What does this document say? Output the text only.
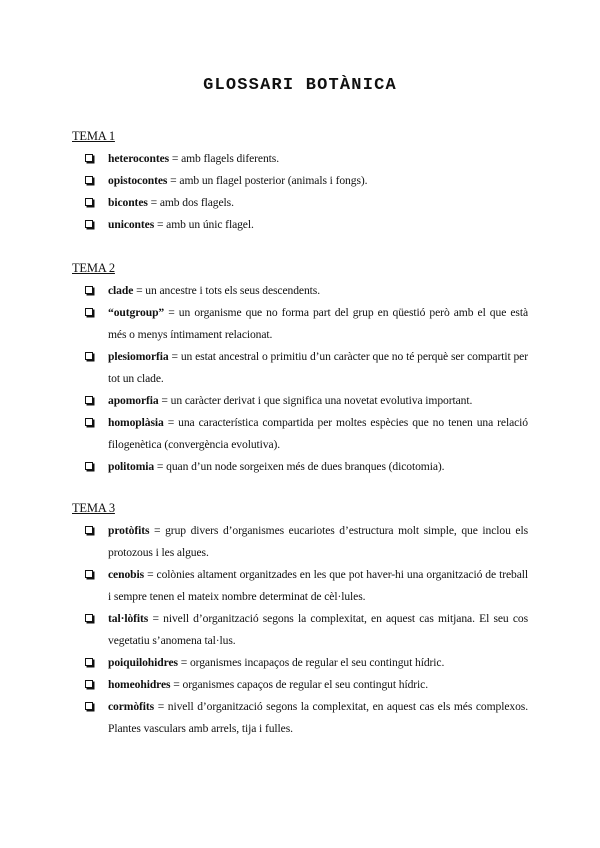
GLOSSARI BOTÀNICA
TEMA 1
heterocontes = amb flagels diferents.
opistocontes = amb un flagel posterior (animals i fongs).
bicontes = amb dos flagels.
unicontes = amb un únic flagel.
TEMA 2
clade = un ancestre i tots els seus descendents.
“outgroup” = un organisme que no forma part del grup en qüestió però amb el que està més o menys íntimament relacionat.
plesiomorfia = un estat ancestral o primitiu d’un caràcter que no té perquè ser compartit per tot un clade.
apomorfia = un caràcter derivat i que significa una novetat evolutiva important.
homoplàsia = una característica compartida per moltes espècies que no tenen una relació filogenètica (convergència evolutiva).
politomia = quan d’un node sorgeixen més de dues branques (dicotomia).
TEMA 3
protòfits = grup divers d’organismes eucariotes d’estructura molt simple, que inclou els protozous i les algues.
cenobis = colònies altament organitzades en les que pot haver-hi una organització de treball i sempre tenen el mateix nombre determinat de cèl·lules.
tal·lòfits = nivell d’organització segons la complexitat, en aquest cas mitjana. El seu cos vegetatiu s’anomena tal·lus.
poiquilohidres = organismes incapaços de regular el seu contingut hídric.
homeohidres = organismes capaços de regular el seu contingut hídric.
cormòfits = nivell d’organització segons la complexitat, en aquest cas els més complexos. Plantes vasculars amb arrels, tija i fulles.
